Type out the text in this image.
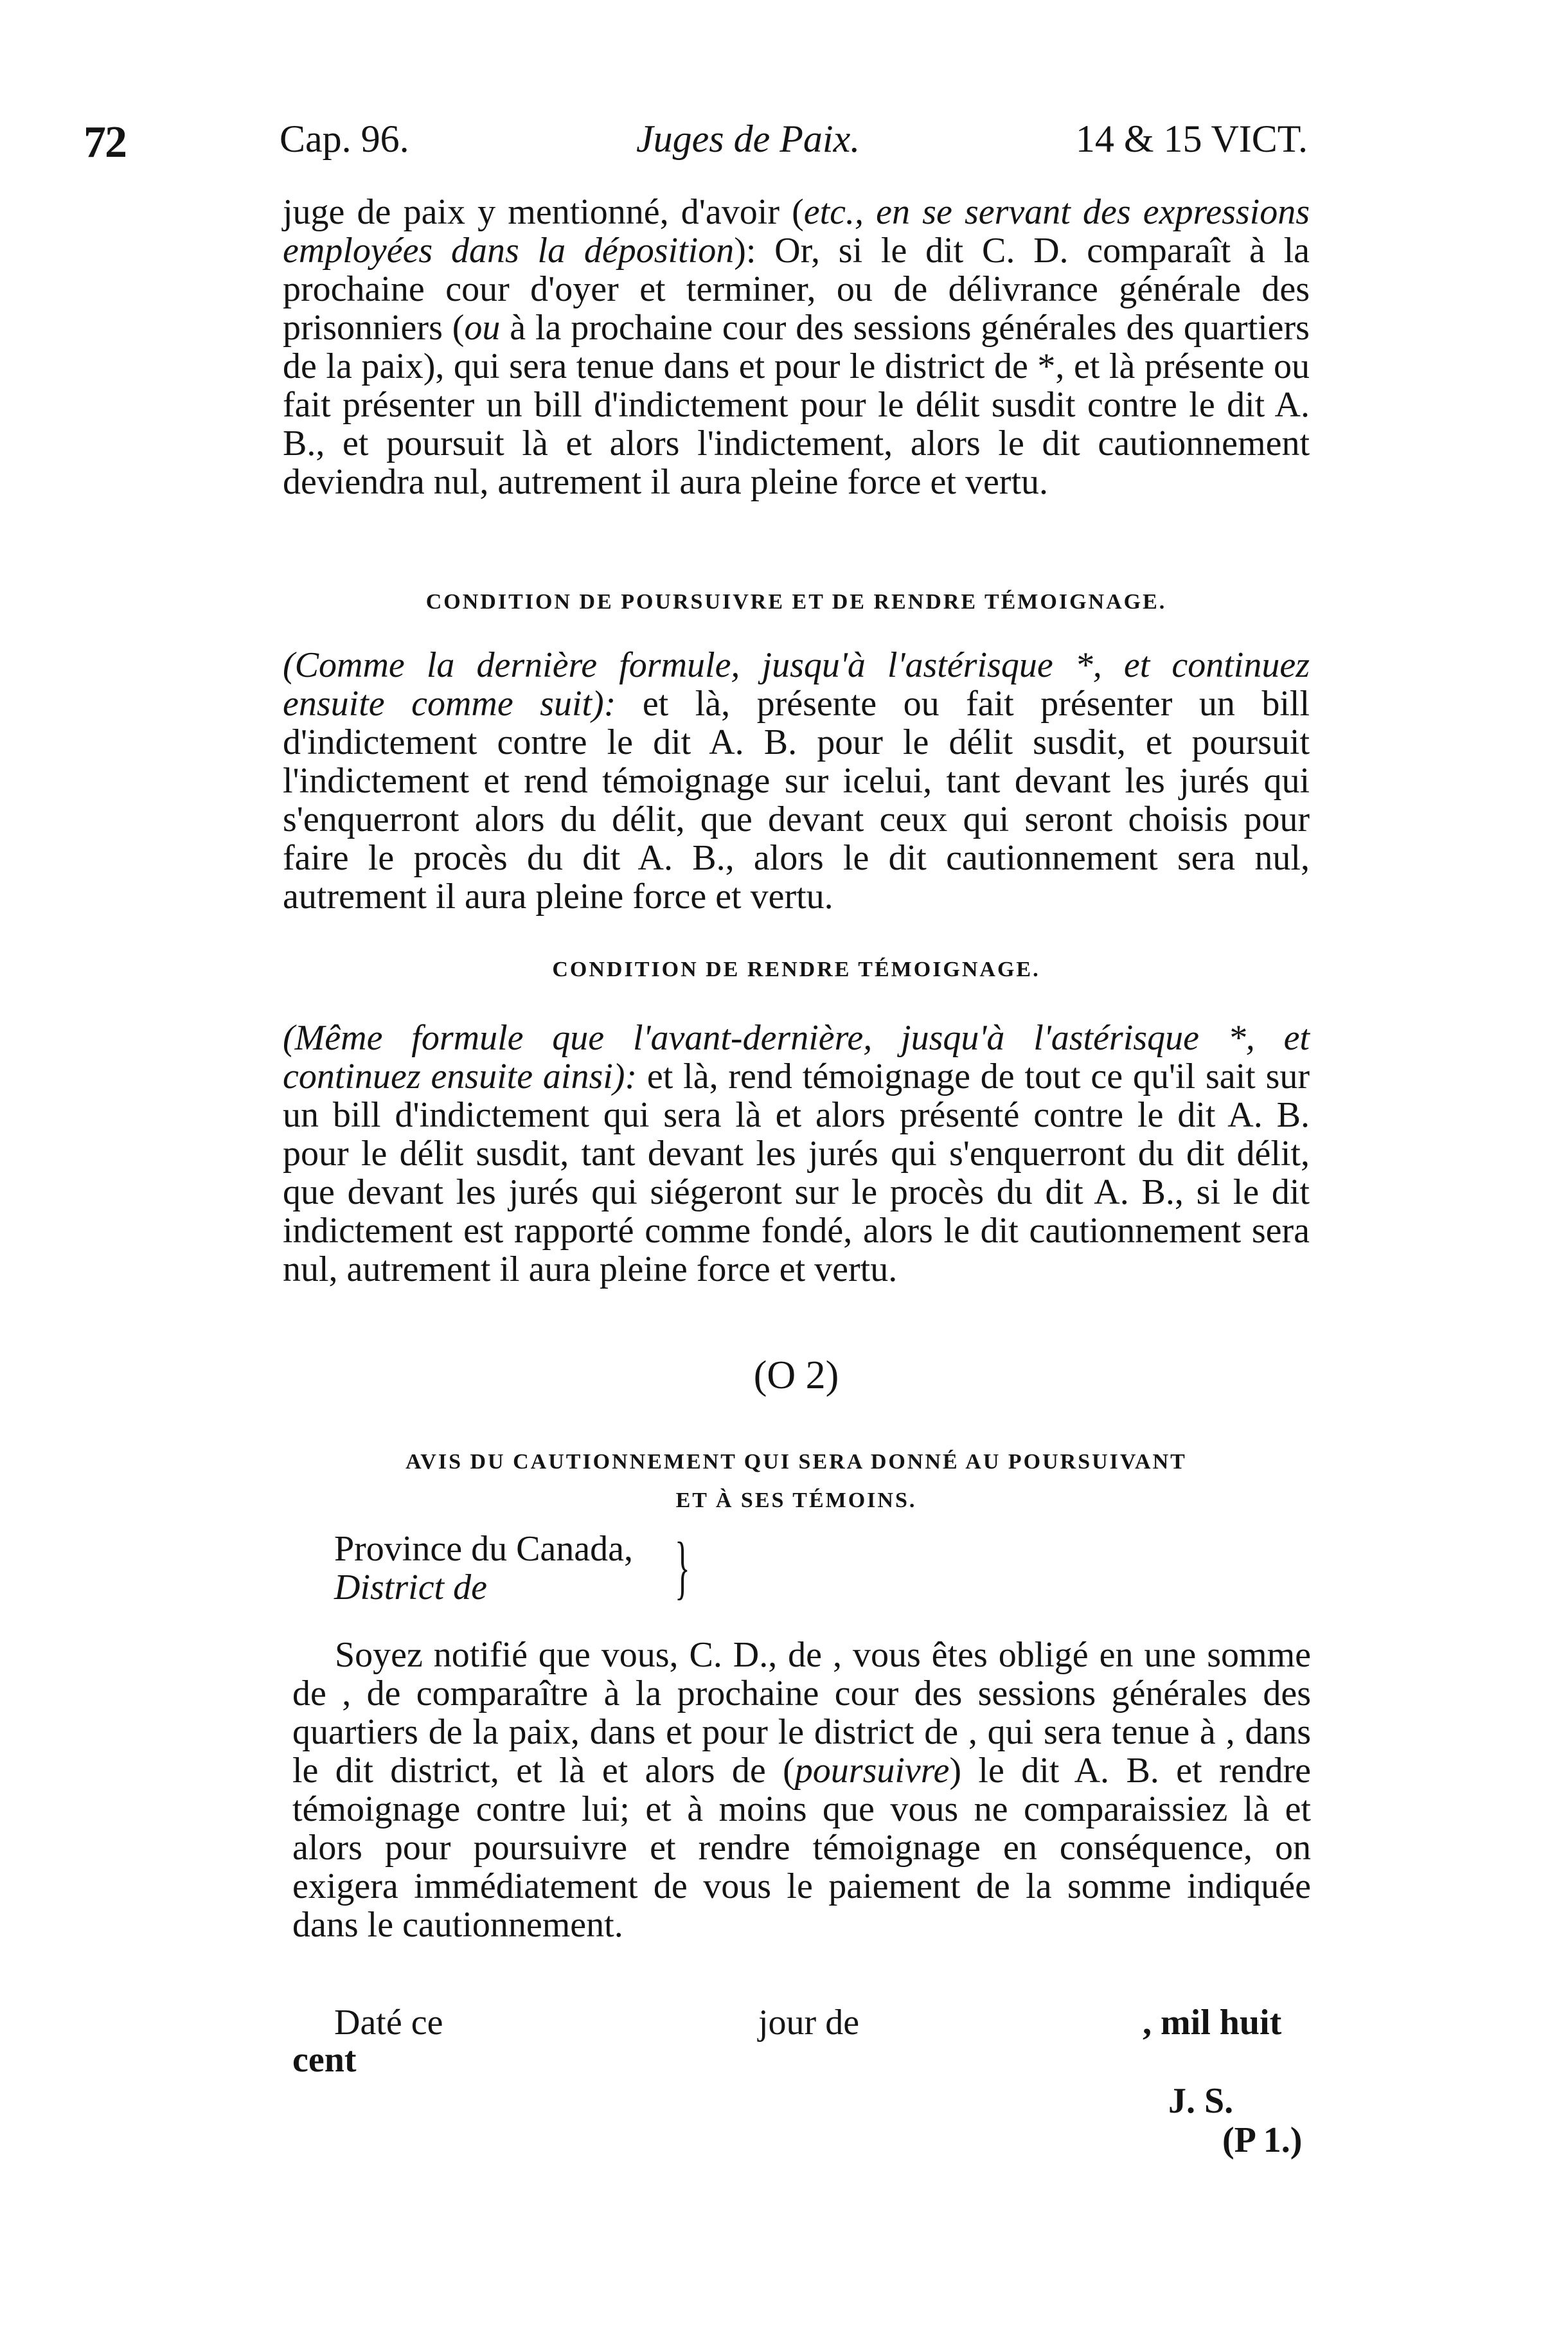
72	Cap. 96.	Juges de Paix.	14 & 15 VICT.
juge de paix y mentionné, d'avoir (etc., en se servant des expressions employées dans la déposition): Or, si le dit C. D. comparaît à la prochaine cour d'oyer et terminer, ou de délivrance générale des prisonniers (ou à la prochaine cour des sessions générales des quartiers de la paix), qui sera tenue dans et pour le district de *, et là présente ou fait présenter un bill d'indictement pour le délit susdit contre le dit A. B., et poursuit là et alors l'indictement, alors le dit cautionnement deviendra nul, autrement il aura pleine force et vertu.
CONDITION DE POURSUIVRE ET DE RENDRE TÉMOIGNAGE.
(Comme la dernière formule, jusqu'à l'astérisque *, et continuez ensuite comme suit): et là, présente ou fait présenter un bill d'indictement contre le dit A. B. pour le délit susdit, et poursuit l'indictement et rend témoignage sur icelui, tant devant les jurés qui s'enquerront alors du délit, que devant ceux qui seront choisis pour faire le procès du dit A. B., alors le dit cautionnement sera nul, autrement il aura pleine force et vertu.
CONDITION DE RENDRE TÉMOIGNAGE.
(Même formule que l'avant-dernière, jusqu'à l'astérisque *, et continuez ensuite ainsi): et là, rend témoignage de tout ce qu'il sait sur un bill d'indictement qui sera là et alors présenté contre le dit A. B. pour le délit susdit, tant devant les jurés qui s'enquerront du dit délit, que devant les jurés qui siégeront sur le procès du dit A. B., si le dit indictement est rapporté comme fondé, alors le dit cautionnement sera nul, autrement il aura pleine force et vertu.
(O 2)
AVIS DU CAUTIONNEMENT QUI SERA DONNÉ AU POURSUIVANT
ET À SES TÉMOINS.
Province du Canada,
District de	}
Soyez notifié que vous, C. D., de , vous êtes obligé en une somme de , de comparaître à la prochaine cour des sessions générales des quartiers de la paix, dans et pour le district de , qui sera tenue à , dans le dit district, et là et alors de (poursuivre) le dit A. B. et rendre témoignage contre lui; et à moins que vous ne comparaissiez là et alors pour poursuivre et rendre témoignage en conséquence, on exigera immédiatement de vous le paiement de la somme indiquée dans le cautionnement.
Daté ce	jour de	, mil huit
cent
J. S.
(P 1.)
